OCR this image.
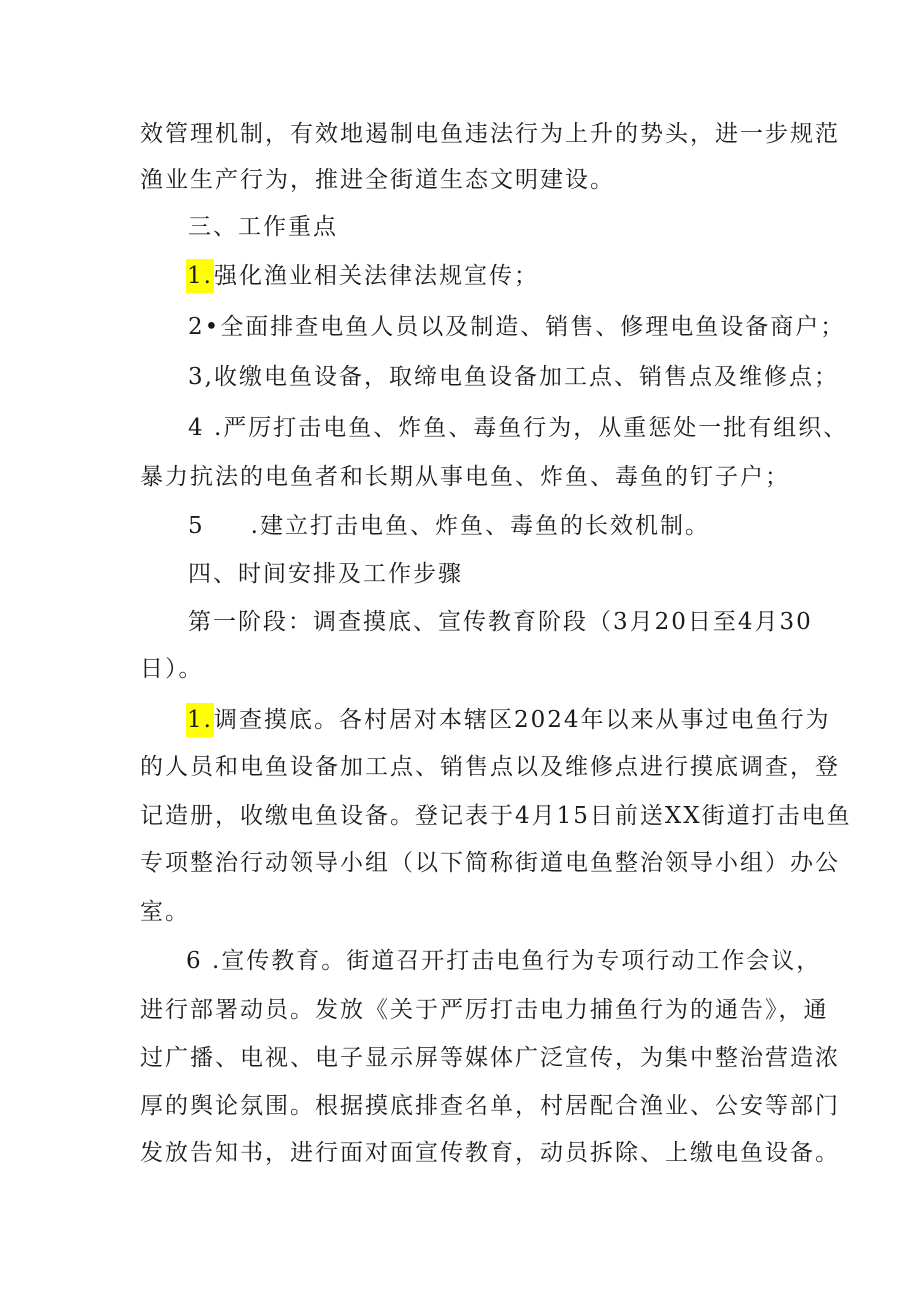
效管理机制，有效地遏制电鱼违法行为上升的势头，进一步规范
渔业生产行为，推进全街道生态文明建设。
三、工作重点
1.强化渔业相关法律法规宣传；
2•全面排查电鱼人员以及制造、销售、修理电鱼设备商户；
3,收缴电鱼设备，取缔电鱼设备加工点、销售点及维修点；
4 .严厉打击电鱼、炸鱼、毒鱼行为，从重惩处一批有组织、
暴力抗法的电鱼者和长期从事电鱼、炸鱼、毒鱼的钉子户；
5 .建立打击电鱼、炸鱼、毒鱼的长效机制。
四、时间安排及工作步骤
第一阶段：调查摸底、宣传教育阶段（3月20日至4月30
日）。
1.调查摸底。各村居对本辖区2024年以来从事过电鱼行为
的人员和电鱼设备加工点、销售点以及维修点进行摸底调查，登
记造册，收缴电鱼设备。登记表于4月15日前送XX街道打击电鱼
专项整治行动领导小组（以下简称街道电鱼整治领导小组）办公
室。
6 .宣传教育。街道召开打击电鱼行为专项行动工作会议，
进行部署动员。发放《关于严厉打击电力捕鱼行为的通告》，通
过广播、电视、电子显示屏等媒体广泛宣传，为集中整治营造浓
厚的舆论氛围。根据摸底排查名单，村居配合渔业、公安等部门
发放告知书，进行面对面宣传教育，动员拆除、上缴电鱼设备。
